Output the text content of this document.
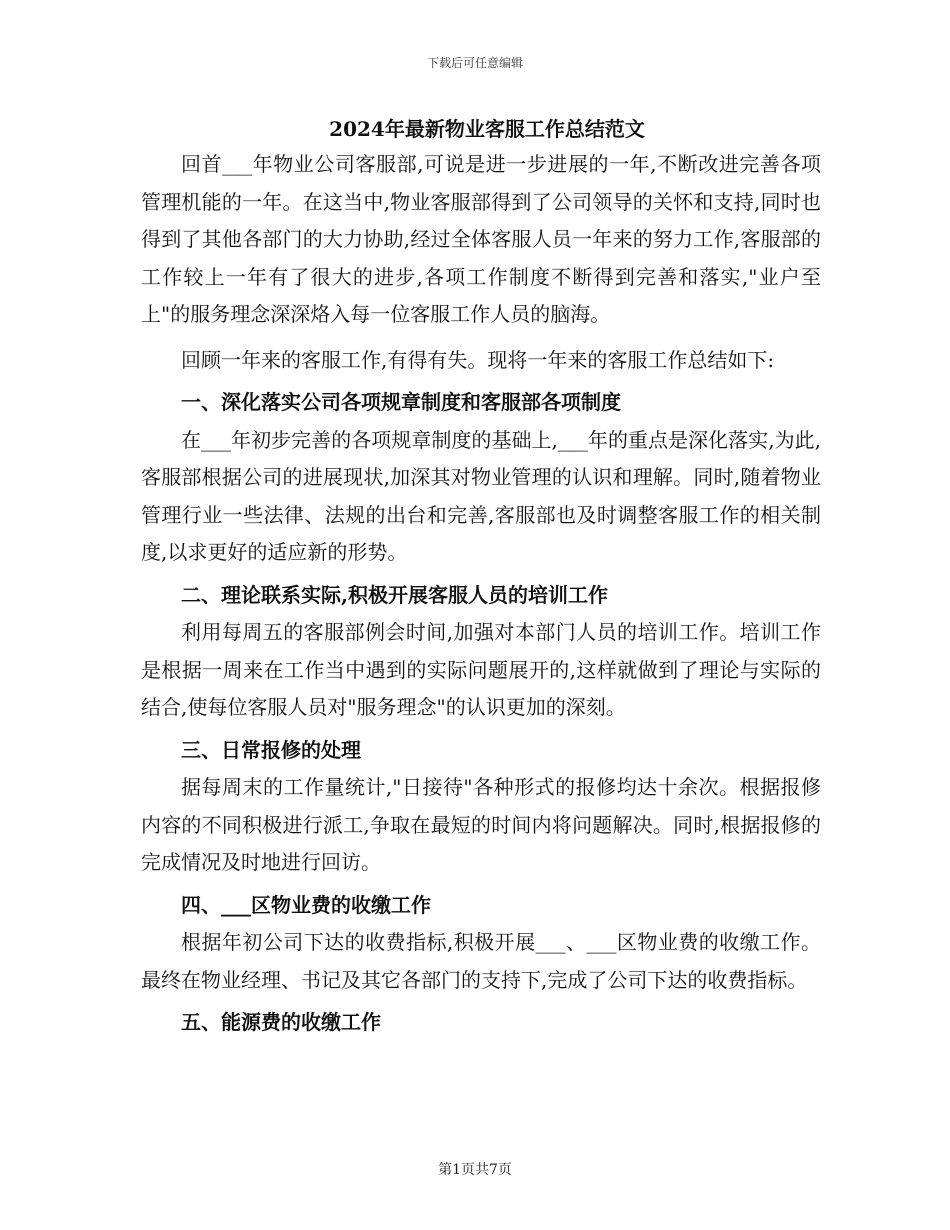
下载后可任意编辑
2024年最新物业客服工作总结范文

回首___年物业公司客服部,可说是进一步进展的一年,不断改进完善各项管理机能的一年。在这当中,物业客服部得到了公司领导的关怀和支持,同时也得到了其他各部门的大力协助,经过全体客服人员一年来的努力工作,客服部的工作较上一年有了很大的进步,各项工作制度不断得到完善和落实,"业户至上"的服务理念深深烙入每一位客服工作人员的脑海。

回顾一年来的客服工作,有得有失。现将一年来的客服工作总结如下:

一、深化落实公司各项规章制度和客服部各项制度

在___年初步完善的各项规章制度的基础上,___年的重点是深化落实,为此,客服部根据公司的进展现状,加深其对物业管理的认识和理解。同时,随着物业管理行业一些法律、法规的出台和完善,客服部也及时调整客服工作的相关制度,以求更好的适应新的形势。

二、理论联系实际,积极开展客服人员的培训工作

利用每周五的客服部例会时间,加强对本部门人员的培训工作。培训工作是根据一周来在工作当中遇到的实际问题展开的,这样就做到了理论与实际的结合,使每位客服人员对"服务理念"的认识更加的深刻。

三、日常报修的处理

据每周末的工作量统计,"日接待"各种形式的报修均达十余次。根据报修内容的不同积极进行派工,争取在最短的时间内将问题解决。同时,根据报修的完成情况及时地进行回访。

四、___区物业费的收缴工作

根据年初公司下达的收费指标,积极开展___、___区物业费的收缴工作。最终在物业经理、书记及其它各部门的支持下,完成了公司下达的收费指标。

五、能源费的收缴工作
第1页共7页
